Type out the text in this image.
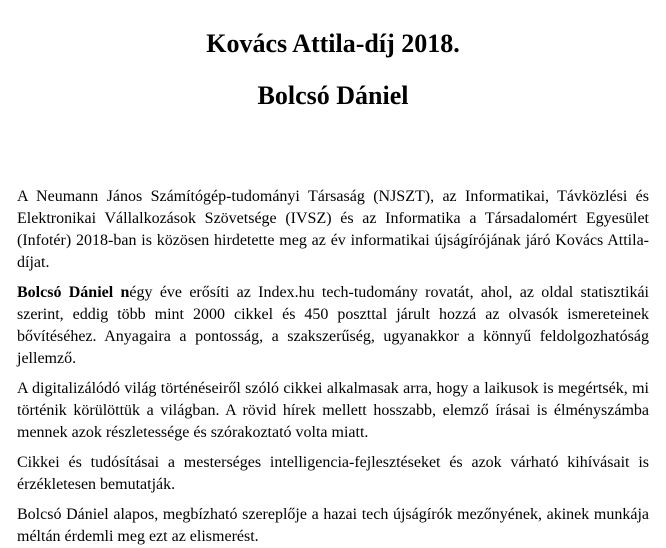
Kovács Attila-díj 2018.
Bolcsó Dániel

A Neumann János Számítógép-tudományi Társaság (NJSZT), az Informatikai, Távközlési és Elektronikai Vállalkozások Szövetsége (IVSZ) és az Informatika a Társadalomért Egyesület (Infotér) 2018-ban is közösen hirdetette meg az év informatikai újságírójának járó Kovács Attila-díjat.

Bolcsó Dániel négy éve erősíti az Index.hu tech-tudomány rovatát, ahol, az oldal statisztikái szerint, eddig több mint 2000 cikkel és 450 poszttal járult hozzá az olvasók ismereteinek bővítéséhez. Anyagaira a pontosság, a szakszerűség, ugyanakkor a könnyű feldolgozhatóság jellemző.

A digitalizálódó világ történéseiről szóló cikkei alkalmasak arra, hogy a laikusok is megértsék, mi történik körülöttük a világban. A rövid hírek mellett hosszabb, elemző írásai is élményszámba mennek azok részletessége és szórakoztató volta miatt.

Cikkei és tudósításai a mesterséges intelligencia-fejlesztéseket és azok várható kihívásait is érzékletesen bemutatják.

Bolcsó Dániel alapos, megbízható szereplője a hazai tech újságírók mezőnyének, akinek munkája méltán érdemli meg ezt az elismerést.
